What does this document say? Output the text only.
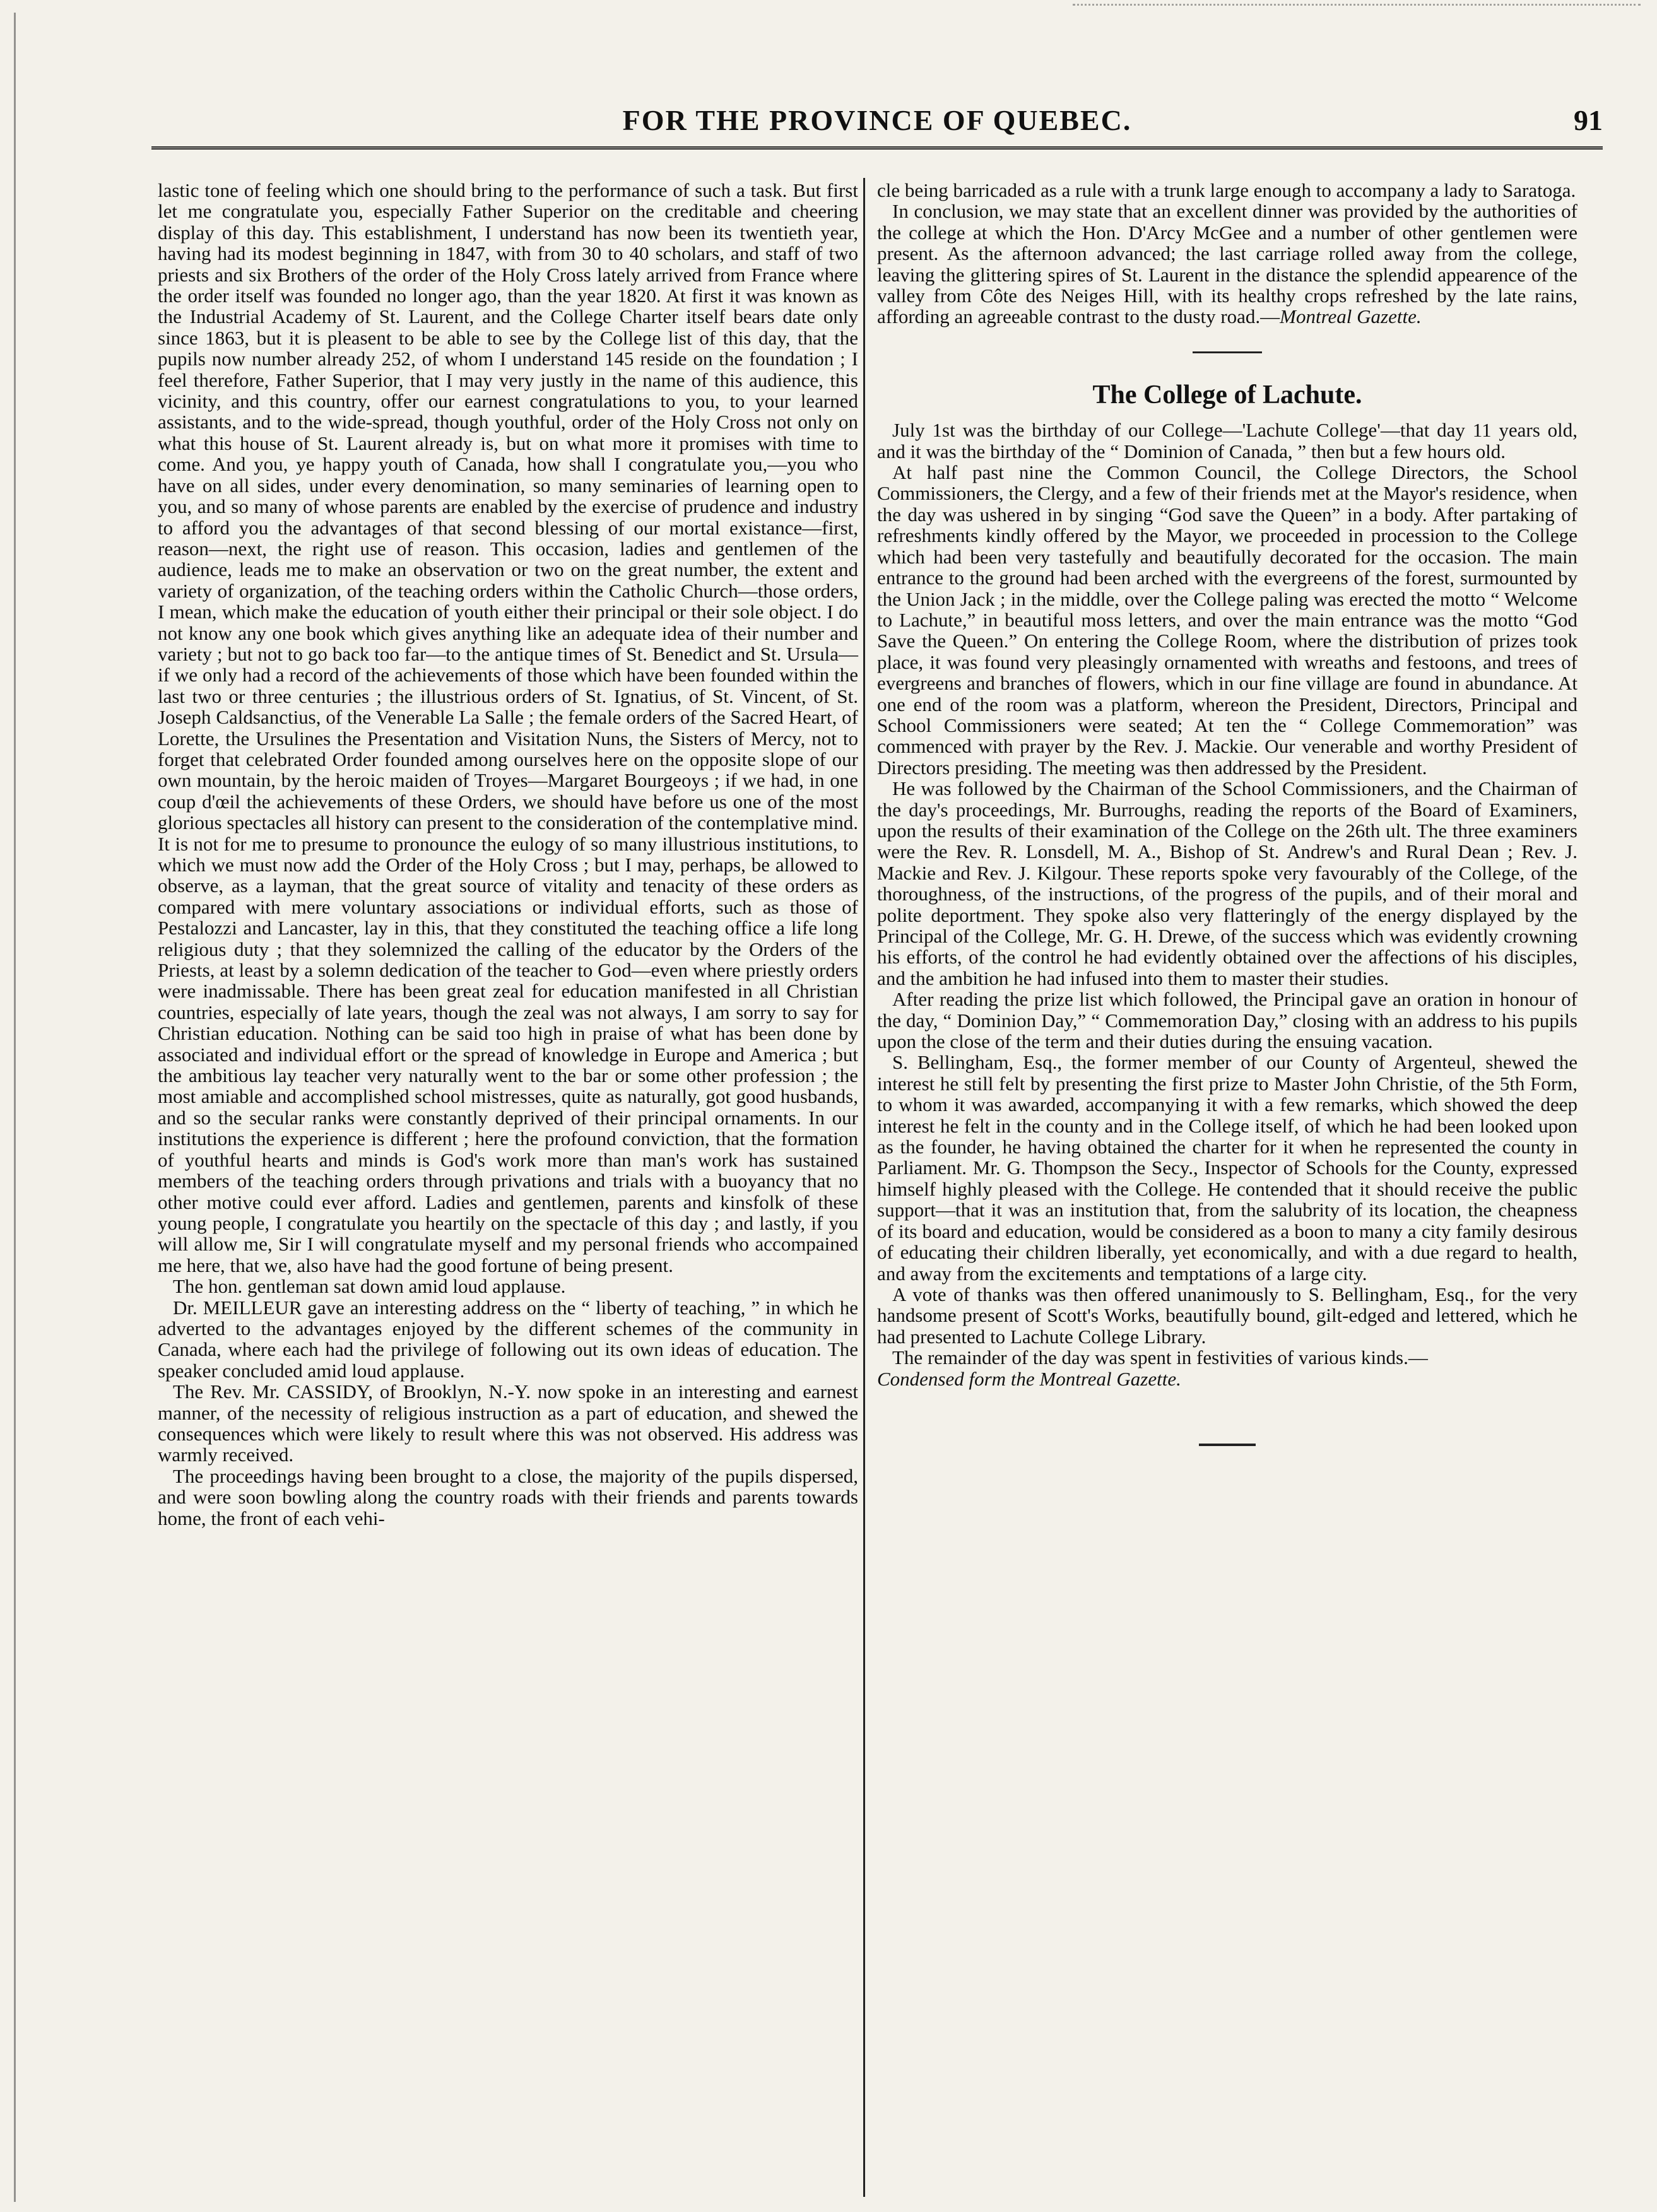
FOR THE PROVINCE OF QUEBEC.	91

lastic tone of feeling which one should bring to the performance of such a task. But first let me congratulate you, especially Father Superior on the creditable and cheering display of this day. This establishment, I understand has now been its twentieth year, having had its modest beginning in 1847, with from 30 to 40 scholars, and staff of two priests and six Brothers of the order of the Holy Cross lately arrived from France where the order itself was founded no longer ago, than the year 1820. At first it was known as the Industrial Academy of St. Laurent, and the College Charter itself bears date only since 1863, but it is pleasent to be able to see by the College list of this day, that the pupils now number already 252, of whom I understand 145 reside on the foundation ; I feel therefore, Father Superior, that I may very justly in the name of this audience, this vicinity, and this country, offer our earnest congratulations to you, to your learned assistants, and to the wide-spread, though youthful, order of the Holy Cross not only on what this house of St. Laurent already is, but on what more it promises with time to come. And you, ye happy youth of Canada, how shall I congratulate you,—you who have on all sides, under every denomination, so many seminaries of learning open to you, and so many of whose parents are enabled by the exercise of prudence and industry to afford you the advantages of that second blessing of our mortal existance—first, reason—next, the right use of reason. This occasion, ladies and gentlemen of the audience, leads me to make an observation or two on the great number, the extent and variety of organization, of the teaching orders within the Catholic Church—those orders, I mean, which make the education of youth either their principal or their sole object. I do not know any one book which gives anything like an adequate idea of their number and variety ; but not to go back too far—to the antique times of St. Benedict and St. Ursula—if we only had a record of the achievements of those which have been founded within the last two or three centuries ; the illustrious orders of St. Ignatius, of St. Vincent, of St. Joseph Caldsanctius, of the Venerable La Salle ; the female orders of the Sacred Heart, of Lorette, the Ursulines the Presentation and Visitation Nuns, the Sisters of Mercy, not to forget that celebrated Order founded among ourselves here on the opposite slope of our own mountain, by the heroic maiden of Troyes—Margaret Bourgeoys ; if we had, in one coup d'œil the achievements of these Orders, we should have before us one of the most glorious spectacles all history can present to the consideration of the contemplative mind. It is not for me to presume to pronounce the eulogy of so many illustrious institutions, to which we must now add the Order of the Holy Cross ; but I may, perhaps, be allowed to observe, as a layman, that the great source of vitality and tenacity of these orders as compared with mere voluntary associations or individual efforts, such as those of Pestalozzi and Lancaster, lay in this, that they constituted the teaching office a life long religious duty ; that they solemnized the calling of the educator by the Orders of the Priests, at least by a solemn dedication of the teacher to God—even where priestly orders were inadmissable. There has been great zeal for education manifested in all Christian countries, especially of late years, though the zeal was not always, I am sorry to say for Christian education. Nothing can be said too high in praise of what has been done by associated and individual effort or the spread of knowledge in Europe and America ; but the ambitious lay teacher very naturally went to the bar or some other profession ; the most amiable and accomplished school mistresses, quite as naturally, got good husbands, and so the secular ranks were constantly deprived of their principal ornaments. In our institutions the experience is different ; here the profound conviction, that the formation of youthful hearts and minds is God's work more than man's work has sustained members of the teaching orders through privations and trials with a buoyancy that no other motive could ever afford. Ladies and gentlemen, parents and kinsfolk of these young people, I congratulate you heartily on the spectacle of this day ; and lastly, if you will allow me, Sir I will congratulate myself and my personal friends who accompained me here, that we, also have had the good fortune of being present.

The hon. gentleman sat down amid loud applause.

Dr. MEILLEUR gave an interesting address on the “ liberty of teaching, ” in which he adverted to the advantages enjoyed by the different schemes of the community in Canada, where each had the privilege of following out its own ideas of education. The speaker concluded amid loud applause.

The Rev. Mr. CASSIDY, of Brooklyn, N.-Y. now spoke in an interesting and earnest manner, of the necessity of religious instruction as a part of education, and shewed the consequences which were likely to result where this was not observed. His address was warmly received.

The proceedings having been brought to a close, the majority of the pupils dispersed, and were soon bowling along the country roads with their friends and parents towards home, the front of each vehi-

cle being barricaded as a rule with a trunk large enough to accompany a lady to Saratoga.

In conclusion, we may state that an excellent dinner was provided by the authorities of the college at which the Hon. D'Arcy McGee and a number of other gentlemen were present. As the afternoon advanced; the last carriage rolled away from the college, leaving the glittering spires of St. Laurent in the distance the splendid appearence of the valley from Côte des Neiges Hill, with its healthy crops refreshed by the late rains, affording an agreeable contrast to the dusty road.—Montreal Gazette.

The College of Lachute.

July 1st was the birthday of our College—'Lachute College'—that day 11 years old, and it was the birthday of the “ Dominion of Canada, ” then but a few hours old.

At half past nine the Common Council, the College Directors, the School Commissioners, the Clergy, and a few of their friends met at the Mayor's residence, when the day was ushered in by singing “God save the Queen” in a body. After partaking of refreshments kindly offered by the Mayor, we proceeded in procession to the College which had been very tastefully and beautifully decorated for the occasion. The main entrance to the ground had been arched with the evergreens of the forest, surmounted by the Union Jack ; in the middle, over the College paling was erected the motto “ Welcome to Lachute,” in beautiful moss letters, and over the main entrance was the motto “God Save the Queen.” On entering the College Room, where the distribution of prizes took place, it was found very pleasingly ornamented with wreaths and festoons, and trees of evergreens and branches of flowers, which in our fine village are found in abundance. At one end of the room was a platform, whereon the President, Directors, Principal and School Commissioners were seated; At ten the “ College Commemoration” was commenced with prayer by the Rev. J. Mackie. Our venerable and worthy President of Directors presiding. The meeting was then addressed by the President.

He was followed by the Chairman of the School Commissioners, and the Chairman of the day's proceedings, Mr. Burroughs, reading the reports of the Board of Examiners, upon the results of their examination of the College on the 26th ult. The three examiners were the Rev. R. Lonsdell, M. A., Bishop of St. Andrew's and Rural Dean ; Rev. J. Mackie and Rev. J. Kilgour. These reports spoke very favourably of the College, of the thoroughness, of the instructions, of the progress of the pupils, and of their moral and polite deportment. They spoke also very flatteringly of the energy displayed by the Principal of the College, Mr. G. H. Drewe, of the success which was evidently crowning his efforts, of the control he had evidently obtained over the affections of his disciples, and the ambition he had infused into them to master their studies.

After reading the prize list which followed, the Principal gave an oration in honour of the day, “ Dominion Day,” “ Commemoration Day,” closing with an address to his pupils upon the close of the term and their duties during the ensuing vacation.

S. Bellingham, Esq., the former member of our County of Argenteul, shewed the interest he still felt by presenting the first prize to Master John Christie, of the 5th Form, to whom it was awarded, accompanying it with a few remarks, which showed the deep interest he felt in the county and in the College itself, of which he had been looked upon as the founder, he having obtained the charter for it when he represented the county in Parliament. Mr. G. Thompson the Secy., Inspector of Schools for the County, expressed himself highly pleased with the College. He contended that it should receive the public support—that it was an institution that, from the salubrity of its location, the cheapness of its board and education, would be considered as a boon to many a city family desirous of educating their children liberally, yet economically, and with a due regard to health, and away from the excitements and temptations of a large city.

A vote of thanks was then offered unanimously to S. Bellingham, Esq., for the very handsome present of Scott's Works, beautifully bound, gilt-edged and lettered, which he had presented to Lachute College Library.

The remainder of the day was spent in festivities of various kinds.—
Condensed form the Montreal Gazette.
